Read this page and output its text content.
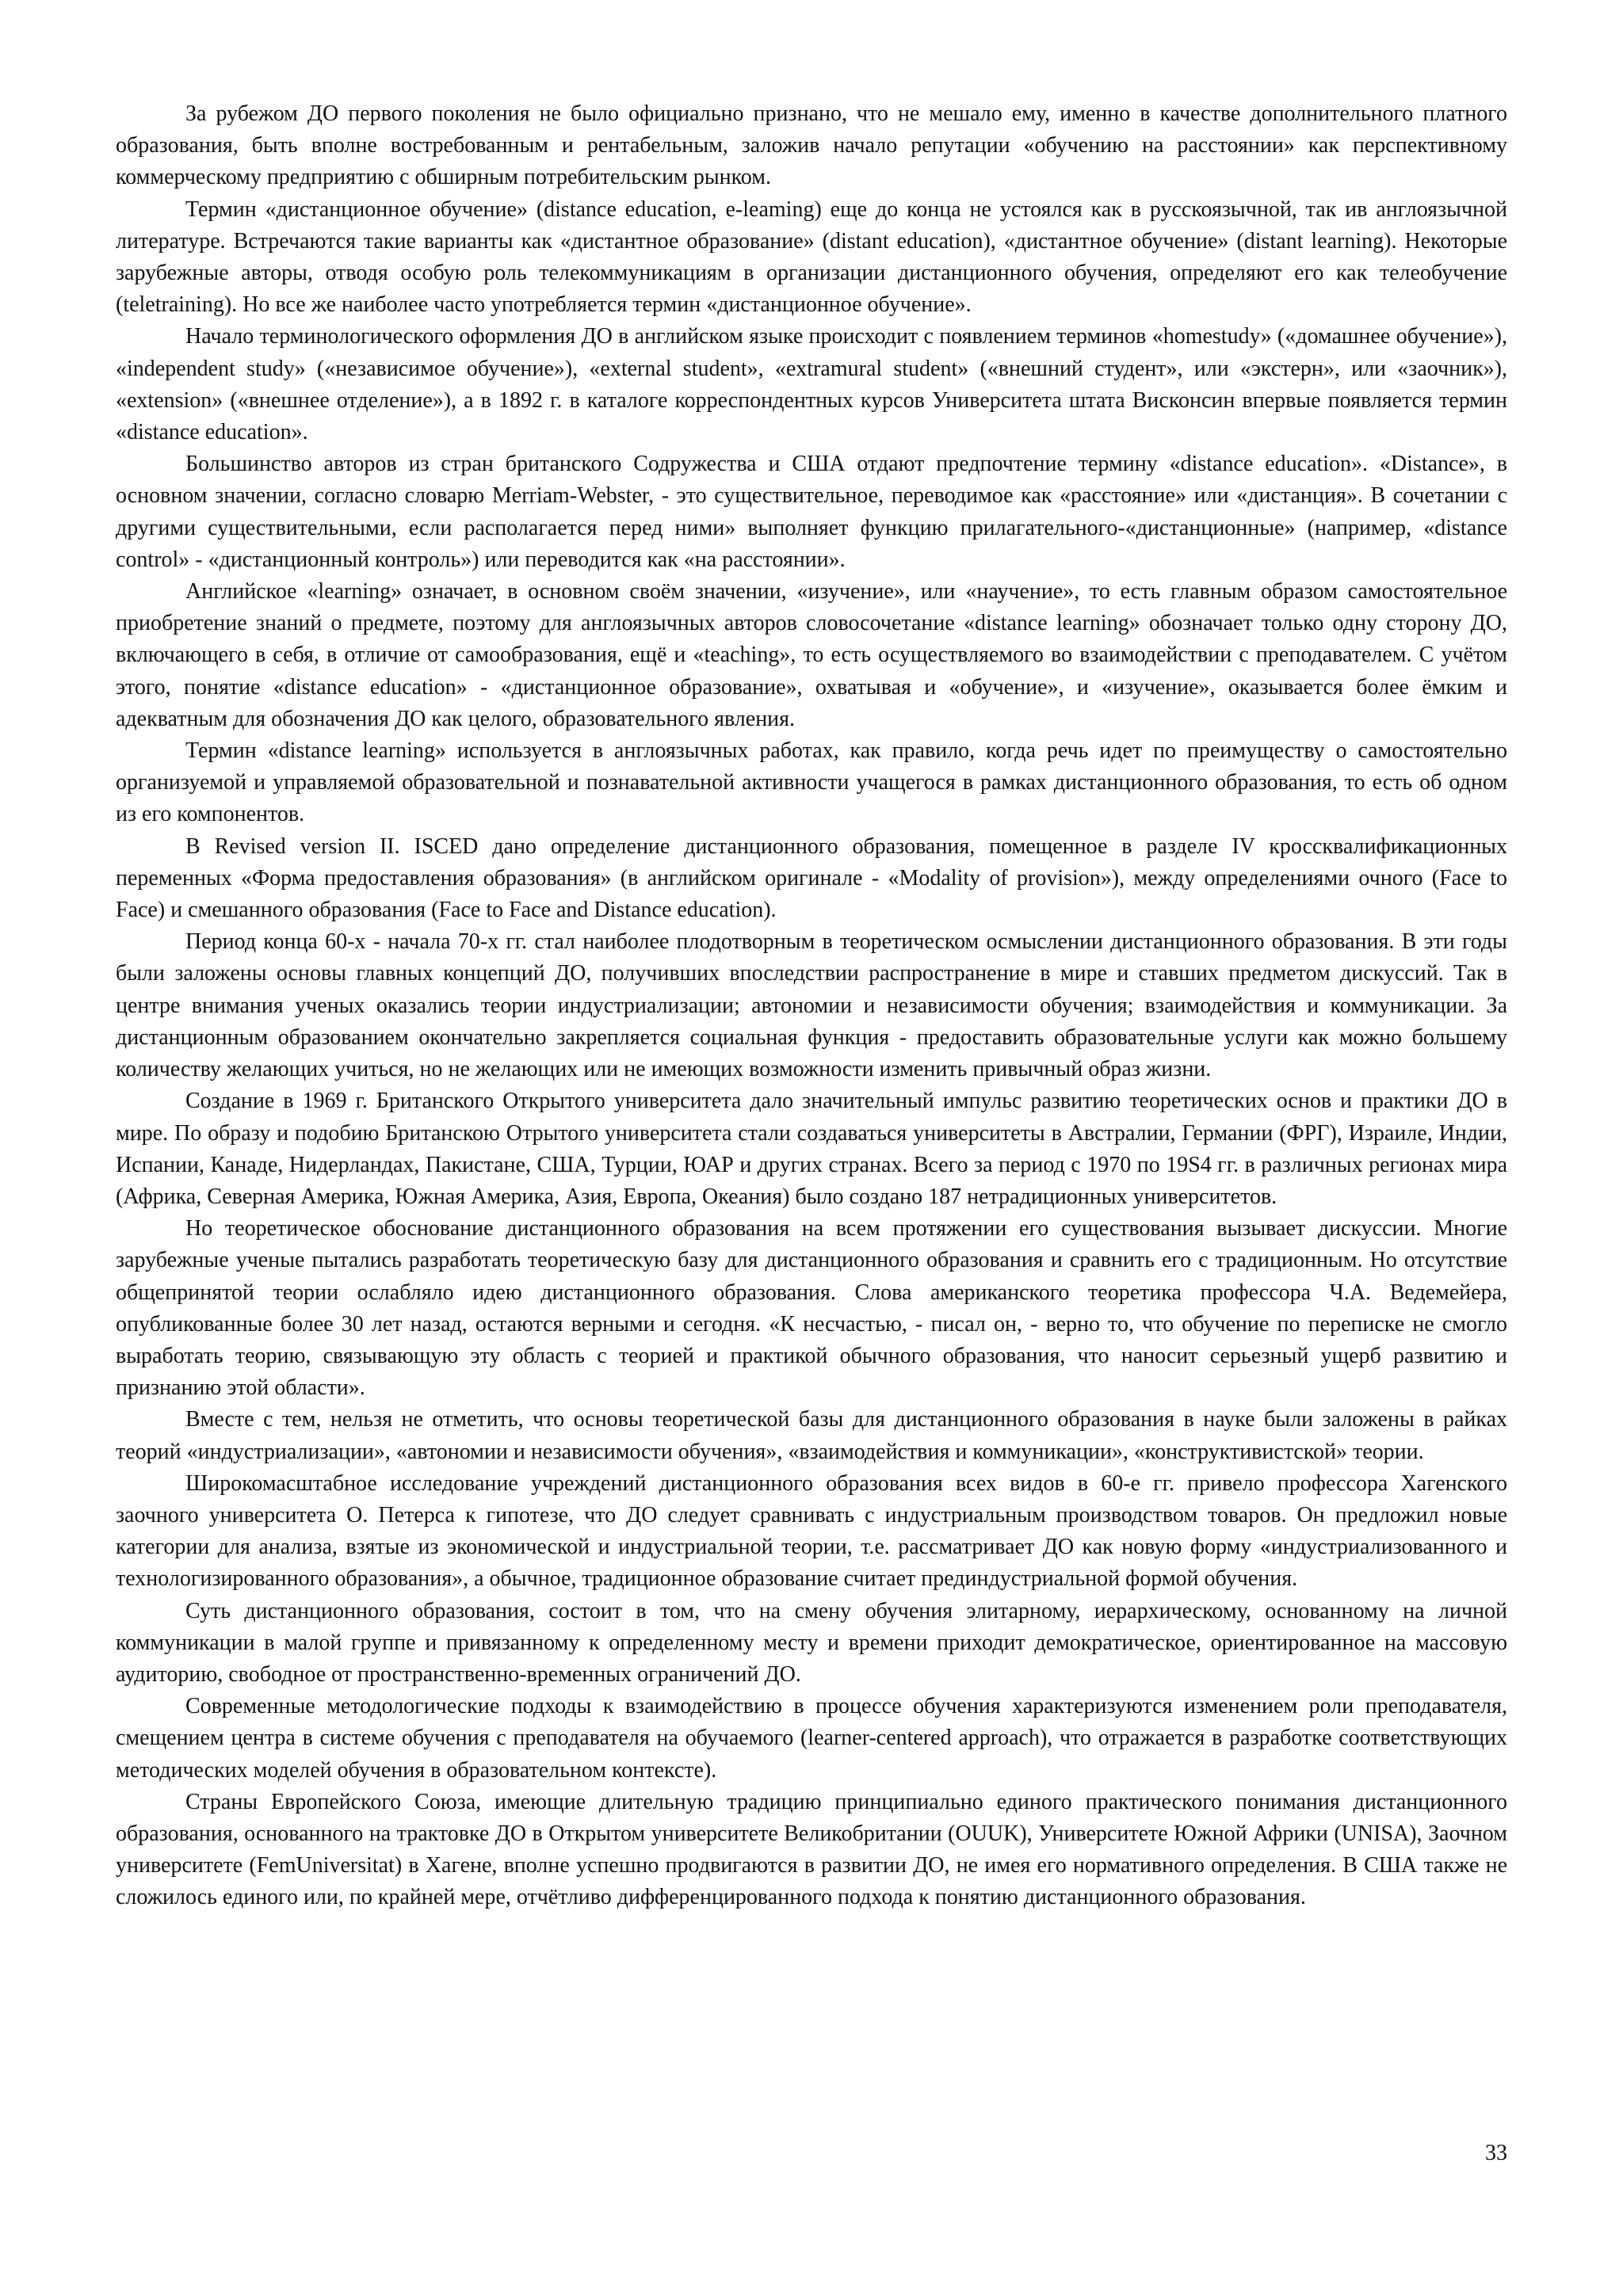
За рубежом ДО первого поколения не было официально признано, что не мешало ему, именно в качестве дополнительного платного образования, быть вполне востребованным и рентабельным, заложив начало репутации «обучению на расстоянии» как перспективному коммерческому предприятию с обширным потребительским рынком.

Термин «дистанционное обучение» (distance education, e-leaming) еще до конца не устоялся как в русскоязычной, так ив англоязычной литературе. Встречаются такие варианты как «дистантное образование» (distant education), «дистантное обучение» (distant learning). Некоторые зарубежные авторы, отводя особую роль телекоммуникациям в организации дистанционного обучения, определяют его как телеобучение (teletraining). Но все же наиболее часто употребляется термин «дистанционное обучение».

Начало терминологического оформления ДО в английском языке происходит с появлением терминов «homestudy» («домашнее обучение»), «independent study» («независимое обучение»), «external student», «extramural student» («внешний студент», или «экстерн», или «заочник»), «extension» («внешнее отделение»), а в 1892 г. в каталоге корреспондентных курсов Университета штата Висконсин впервые появляется термин «distance education».

Большинство авторов из стран британского Содружества и США отдают предпочтение термину «distance education». «Distance», в основном значении, согласно словарю Merriam-Webster, - это существительное, переводимое как «расстояние» или «дистанция». В сочетании с другими существительными, если располагается перед ними» выполняет функцию прилагательного-«дистанционные» (например, «distance control» - «дистанционный контроль») или переводится как «на расстоянии».

Английское «learning» означает, в основном своём значении, «изучение», или «научение», то есть главным образом самостоятельное приобретение знаний о предмете, поэтому для англоязычных авторов словосочетание «distance learning» обозначает только одну сторону ДО, включающего в себя, в отличие от самообразования, ещё и «teaching», то есть осуществляемого во взаимодействии с преподавателем. С учётом этого, понятие «distance education» - «дистанционное образование», охватывая и «обучение», и «изучение», оказывается более ёмким и адекватным для обозначения ДО как целого, образовательного явления.

Термин «distance learning» используется в англоязычных работах, как правило, когда речь идет по преимуществу о самостоятельно организуемой и управляемой образовательной и познавательной активности учащегося в рамках дистанционного образования, то есть об одном из его компонентов.

В Revised version II. ISCED дано определение дистанционного образования, помещенное в разделе IV кроссквалификационных переменных «Форма предоставления образования» (в английском оригинале - «Modality of provision»), между определениями очного (Face to Face) и смешанного образования (Face to Face and Distance education).

Период конца 60-х - начала 70-х гг. стал наиболее плодотворным в теоретическом осмыслении дистанционного образования. В эти годы были заложены основы главных концепций ДО, получивших впоследствии распространение в мире и ставших предметом дискуссий. Так в центре внимания ученых оказались теории индустриализации; автономии и независимости обучения; взаимодействия и коммуникации. За дистанционным образованием окончательно закрепляется социальная функция - предоставить образовательные услуги как можно большему количеству желающих учиться, но не желающих или не имеющих возможности изменить привычный образ жизни.

Создание в 1969 г. Британского Открытого университета дало значительный импульс развитию теоретических основ и практики ДО в мире. По образу и подобию Британскою Отрытого университета стали создаваться университеты в Австралии, Германии (ФРГ), Израиле, Индии, Испании, Канаде, Нидерландах, Пакистане, США, Турции, ЮАР и других странах. Всего за период с 1970 по 19S4 гг. в различных регионах мира (Африка, Северная Америка, Южная Америка, Азия, Европа, Океания) было создано 187 нетрадиционных университетов.

Но теоретическое обоснование дистанционного образования на всем протяжении его существования вызывает дискуссии. Многие зарубежные ученые пытались разработать теоретическую базу для дистанционного образования и сравнить его с традиционным. Но отсутствие общепринятой теории ослабляло идею дистанционного образования. Слова американского теоретика профессора Ч.А. Ведемейера, опубликованные более 30 лет назад, остаются верными и сегодня. «К несчастью, - писал он, - верно то, что обучение по переписке не смогло выработать теорию, связывающую эту область с теорией и практикой обычного образования, что наносит серьезный ущерб развитию и признанию этой области».

Вместе с тем, нельзя не отметить, что основы теоретической базы для дистанционного образования в науке были заложены в райках теорий «индустриализации», «автономии и независимости обучения», «взаимодействия и коммуникации», «конструктивистской» теории.

Широкомасштабное исследование учреждений дистанционного образования всех видов в 60-е гг. привело профессора Хагенского заочного университета О. Петерса к гипотезе, что ДО следует сравнивать с индустриальным производством товаров. Он предложил новые категории для анализа, взятые из экономической и индустриальной теории, т.е. рассматривает ДО как новую форму «индустриализованного и технологизированного образования», а обычное, традиционное образование считает прединдустриальной формой обучения.

Суть дистанционного образования, состоит в том, что на смену обучения элитарному, иерархическому, основанному на личной коммуникации в малой группе и привязанному к определенному месту и времени приходит демократическое, ориентированное на массовую аудиторию, свободное от пространственно-временных ограничений ДО.

Современные методологические подходы к взаимодействию в процессе обучения характеризуются изменением роли преподавателя, смещением центра в системе обучения с преподавателя на обучаемого (learner-centered approach), что отражается в разработке соответствующих методических моделей обучения в образовательном контексте).

Страны Европейского Союза, имеющие длительную традицию принципиально единого практического понимания дистанционного образования, основанного на трактовке ДО в Открытом университете Великобритании (OUUK), Университете Южной Африки (UNISA), Заочном университете (FemUniversitat) в Хагене, вполне успешно продвигаются в развитии ДО, не имея его нормативного определения. В США также не сложилось единого или, по крайней мере, отчётливо дифференцированного подхода к понятию дистанционного образования.

33
